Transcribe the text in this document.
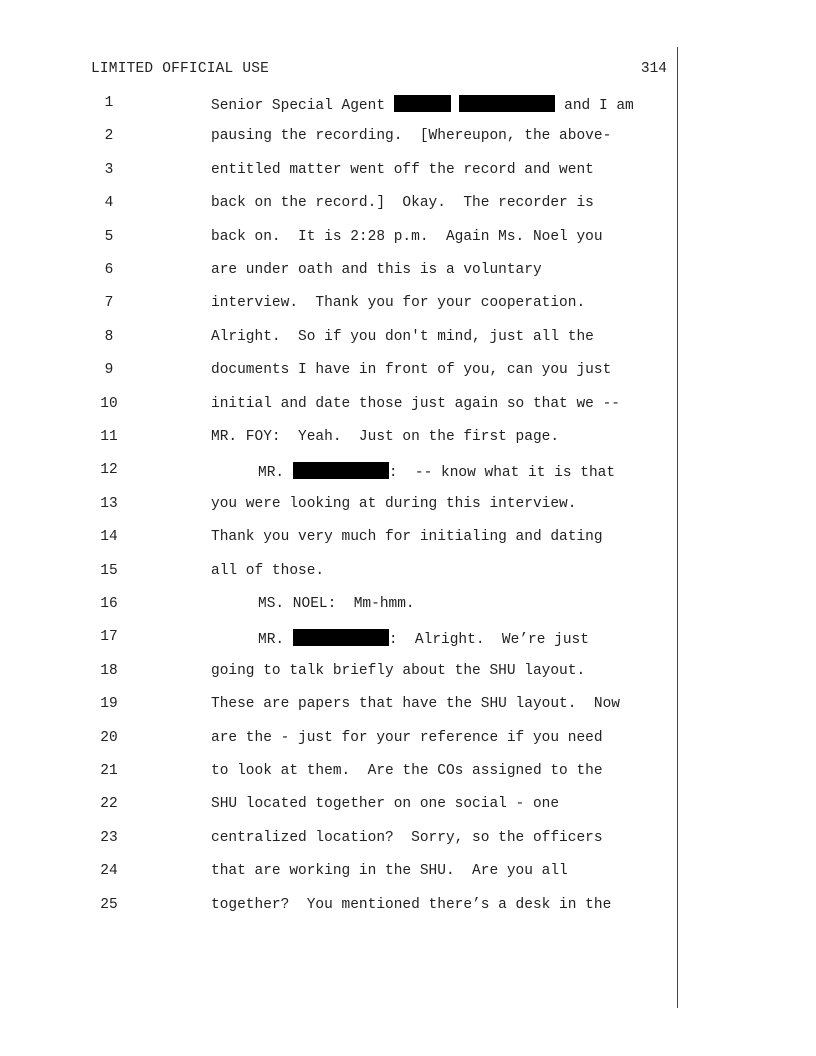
LIMITED OFFICIAL USE	314
1	Senior Special Agent	and I am
2	pausing the recording.  [Whereupon, the above-
3	entitled matter went off the record and went
4	back on the record.]  Okay.  The recorder is
5	back on.  It is 2:28 p.m.  Again Ms. Noel you
6	are under oath and this is a voluntary
7	interview.  Thank you for your cooperation.
8	Alright.  So if you don't mind, just all the
9	documents I have in front of you, can you just
10	initial and date those just again so that we --
11	MR. FOY:  Yeah.  Just on the first page.
12	MR.	:  -- know what it is that
13	you were looking at during this interview.
14	Thank you very much for initialing and dating
15	all of those.
16	MS. NOEL:  Mm-hmm.
17	MR.	:  Alright.  We’re just
18	going to talk briefly about the SHU layout.
19	These are papers that have the SHU layout.  Now
20	are the - just for your reference if you need
21	to look at them.  Are the COs assigned to the
22	SHU located together on one social - one
23	centralized location?  Sorry, so the officers
24	that are working in the SHU.  Are you all
25	together?  You mentioned there’s a desk in the
